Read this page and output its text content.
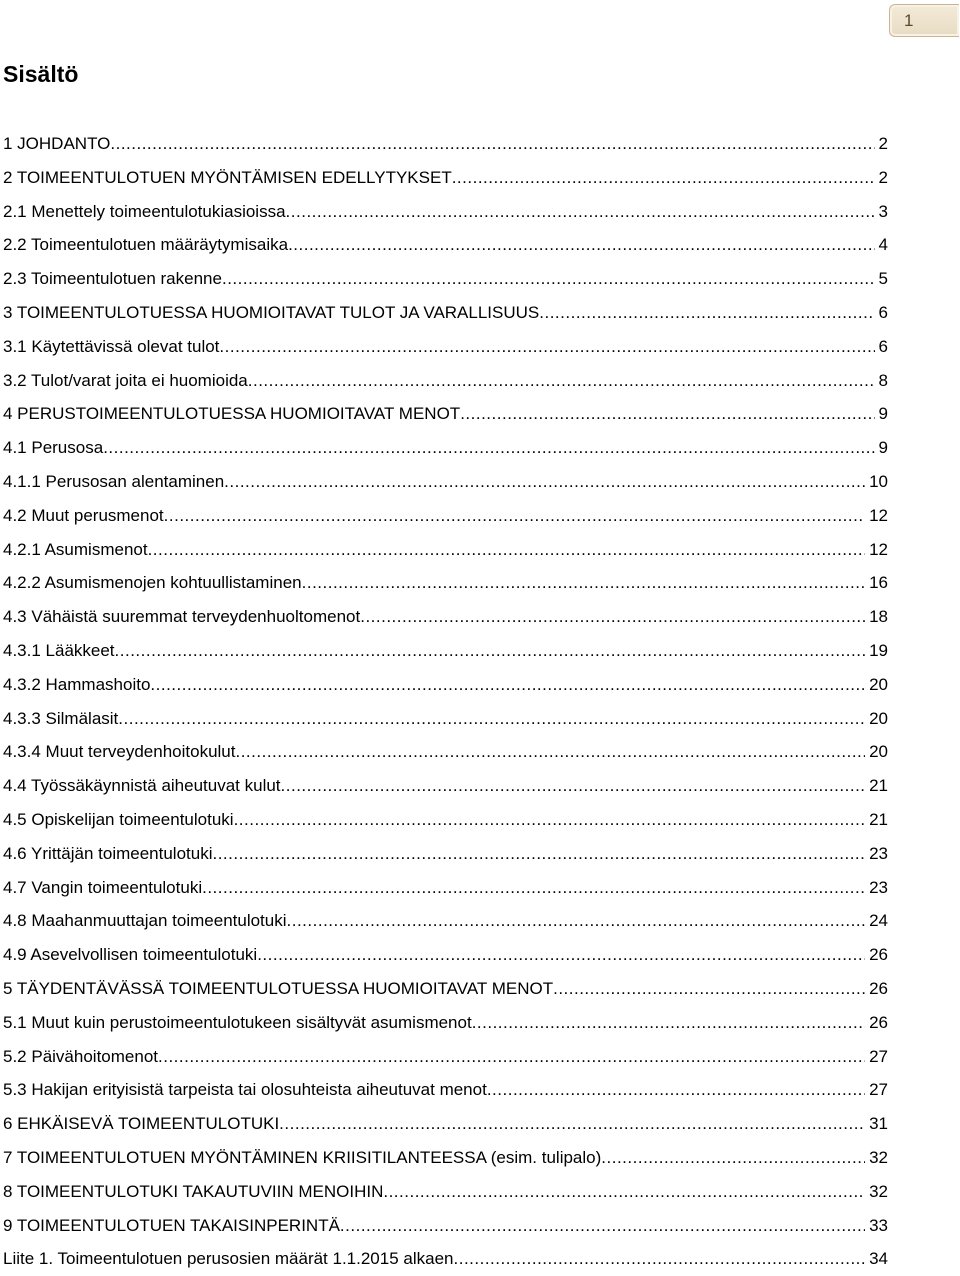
1
Sisältö
1 JOHDANTO .....	2
2 TOIMEENTULOTUEN MYÖNTÄMISEN EDELLYTYKSET .....	2
2.1 Menettely toimeentulotukiasioissa .....	3
2.2 Toimeentulotuen määräytymisaika .....	4
2.3 Toimeentulotuen rakenne .....	5
3 TOIMEENTULOTUESSA HUOMIOITAVAT TULOT JA VARALLISUUS .....	6
3.1 Käytettävissä olevat tulot .....	6
3.2 Tulot/varat joita ei huomioida .....	8
4 PERUSTOIMEENTULOTUESSA HUOMIOITAVAT MENOT .....	9
4.1 Perusosa .....	9
4.1.1 Perusosan alentaminen .....	10
4.2 Muut perusmenot .....	12
4.2.1 Asumismenot .....	12
4.2.2 Asumismenojen kohtuullistaminen .....	16
4.3 Vähäistä suuremmat terveydenhuoltomenot .....	18
4.3.1 Lääkkeet .....	19
4.3.2 Hammashoito .....	20
4.3.3 Silmälasit .....	20
4.3.4 Muut terveydenhoitokulut .....	20
4.4 Työssäkäynnistä aiheutuvat kulut .....	21
4.5 Opiskelijan toimeentulotuki .....	21
4.6 Yrittäjän toimeentulotuki .....	23
4.7 Vangin toimeentulotuki .....	23
4.8 Maahanmuuttajan toimeentulotuki .....	24
4.9 Asevelvollisen toimeentulotuki .....	26
5 TÄYDENTÄVÄSSÄ TOIMEENTULOTUESSA HUOMIOITAVAT MENOT .....	26
5.1 Muut kuin perustoimeentulotukeen sisältyvät asumismenot .....	26
5.2 Päivähoitomenot .....	27
5.3 Hakijan erityisistä tarpeista tai olosuhteista aiheutuvat menot .....	27
6 EHKÄISEVÄ TOIMEENTULOTUKI .....	31
7 TOIMEENTULOTUEN MYÖNTÄMINEN KRIISITILANTEESSA (esim. tulipalo) .....	32
8 TOIMEENTULOTUKI TAKAUTUVIIN MENOIHIN .....	32
9 TOIMEENTULOTUEN TAKAISINPERINTÄ .....	33
Liite 1. Toimeentulotuen perusosien määrät 1.1.2015 alkaen .....	34
